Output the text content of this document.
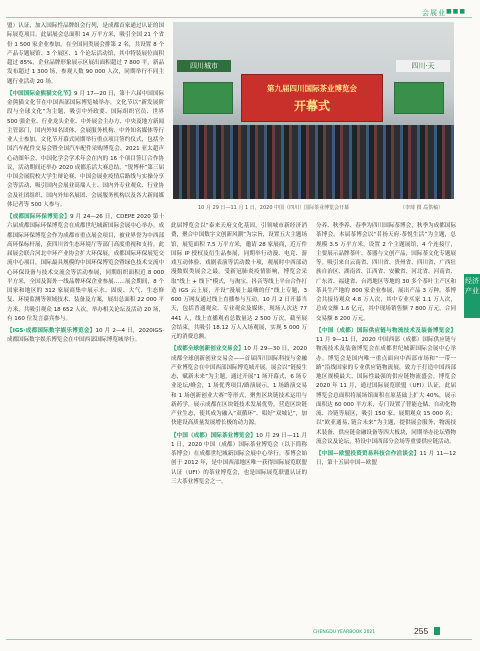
会展业 ■■■

盟）认证，加入国际性品牌组会行列，是成都首家通过认证的国际展览项目。此届展会总面积 14 万平方米，吸引全国 21 个省份 1 500 家企业参加，在全国同类展会排第 2 名，共设置 8 个产品专题展馆、3 个展区、1 个论坛活动馆，其中特装展位面积超过 85%，企业品牌形象展示区展出面积超过 7 800 平，新品发布超过 1 300 场，参观人数 90 000 人次，同期举行不同主题行业活动 20 场。

【中国国际金熊猫文化节】9 月 17—20 日，第十六届中国国际金熊猫文化节在中国西部国际博览城举办。文化节以“新发展阶段与全球文化”为主题，吸引中外政要、国际组织官员、世界 500 强企业、行业龙头企业、中外展会主办方、中央及地方新闻主管部门，国内外知名团体、会展服务机构、中外知名媒体等行业人士参加。文化节开幕式同期举行重点项目签约仪式，包括全国汽车配件交易会暨全国汽车配件采购博览会、2021 亚太超声心动图年会、中国化学会学术年会在内的 16 个项目签订合作协议，活动期间还举办 2020 成都乐活大赛总结、“锐博杯”第三届中国会展院校大学生辩论赛、中国会展业疫情后路线与实操分享会等活动，吸引国内会展业高端人士、国内外专业观众、行业协会及社团组织、国内外知名展团、会展服务机构以及各大新闻媒体记者等 500 人参与。

【成都国际环保博览会】9 月 24—26 日，CDEPE 2020 第十六届成都国际环保博览会在成都世纪城新国际会展中心举办。成都国际环保博览会作为成都市重点展会项目，被业界誉为中西部高环保标杆展，获四川省生态环境厅等部门高度重视和支持。此届展会联合河北中环产业协会扩大环保展，成都国际环保展览交流中心项目，国际最具规模的中国环保博览会暨绿色技术交流中心环保设备与技术交流会等活动参展，同期组织面积近 8 000 平方米，全国及海外一线品牌环保企业参展……展会期间，8 个国家和地区的 312 家展商集中展示水、固废、大气、生态修复、环境监测等领域技术、装备及方案，展出总面积 22 000 平方米，共吸引观众 18 652 人次，举办相关论坛及活动 20 场，有 160 位发言嘉宾参与。

【IGS·成都国际数字娱乐博览会】10 月 2—4 日，2020IGS·成都国际数字娱乐博览会在中国西部国际博览城举行。

四川城市	四川·天
第九届四川国际茶业博览会
开幕式
10 月 29 日—11 月 1 日，2020 中国（四川）国际茶业博览会开幕	（李琦 摄 岛供稿）

此届博览会以“泰来天府文化基因，引领城市新经济消费，聚合中国数字文创新风潮”为宗旨，设置五大主题场馆，展览面积 7.5 万平方米，邀请 28 家展商，近万件国际 IP 授权及衍生品参展，同期举行动漫、电竞、游戏互动体验、戏剧表演等活动数十项，观展时中西部动漫数娱类展会之最。受新冠肺炎疫情影响，博览会采取“线上 + 线下”模式，与淘宝、抖音等线上平台合作打造 IGS 云上展，开设“漫展上最嗨的仔”线上专题，3 600 万网友通过线上直播参与互动。10 月 2 日开幕当天，包括普通观众、专业观众及媒体，现场人次达 77 441 人，线上直播观看总数量达 2 500 万次，截至展会结束，共吸引 18.12 万人入场观展，实现 5 000 万元的消费总额。

【成都全球创新创业交易会】10 月 29—30 日，2020 成都全球创新创业交易会——首届四川国际科技与金融产业博览会在中国西部国际博览城开展。展会以“链接生态，赋新未来”为主题，通过开展“1 场开幕式，6 场专业论坛/峰会，1 场优秀项目/路演展示，1 场路演交易和 1 场创新创业大赛”等形式，聚焦区块链技术运用与新药学，展示成都在区块链技术发展优势，营造区块链产业生态，使其成为融入“双循环”、唱好“双城记”，加快建设高质量发展增长极的动力源。

【中国（成都）国际茶业博览会】10 月 29 日—11 月 1 日，2020 中国（成都）国际茶业博览会（以下简称茶博会）在成都世纪城新国际会展中心举行。茶博会始创于 2012 年，是中国西部地区唯一获得国际展览联盟认证（UFI）的茶业博览会，也是国际展览联盟认证的三大茶业博览会之一。

分养、秋季养、春季为四川国际茶博会，秋季为成都国际茶博会。本届茶博会以“茗扬天府·茶悦生活”为主题，总规模 3.5 万平方米，设置 2 个主题展馆，4 个连接厅，主要展示品牌茶叶、茶器与文创产品，国际茶文化专题展等。吸引来自云南省、四川省、贵州省、四川省、广西壮族自治区、湖南省、江西省、安徽省、河北省、河南省、广东省、福建省、台湾地区等地的 30 多个茶叶主产区和茶具生产地的 800 家企业参展，展出产品 3 万种。茶博会共接待观众 4.8 万人次，其中专业买家 1.1 万人次，总成交额 1.6 亿元，其中现场销售额 7 800 万元，合同交易额 8 200 万元。

【中国（成都）国际供应链与物流技术及装备博览会】11 月 9—11 日，2020 中国西部（成都）国际供应链与物流技术及装备博览会在成都世纪城新国际会展中心举办。博览会是国内唯一重点面向中西部市场和“一带一路”沿线国家的专业供应链物流展，致力于打造中国西部地区规模最大、国际性最强的供应链物流盛会。博览会 2020 年 11 月，通过国际展览联盟（UFI）认证，此届博览会总面积将展场馆面积在原基础上扩大 40%，展示面积达 60 000 平方米，专门设置了智能仓储、自动化物流、冷链等展区，吸引 150 家、展期观众 15 000 名；以“欧亚通易, 链合未来”为主题，提供展会服务，物流技术装备、供应链金融设备等四大板块，同期举办论坛暨物流会议及论坛，特设中国西部分会场等重要供应链活动。

【中国—欧盟投资贸易科技合作洽谈会】11 月 11—12 日，第十五届中国—欧盟

经济产业
CHENGDU YEARBOOK 2021	255
